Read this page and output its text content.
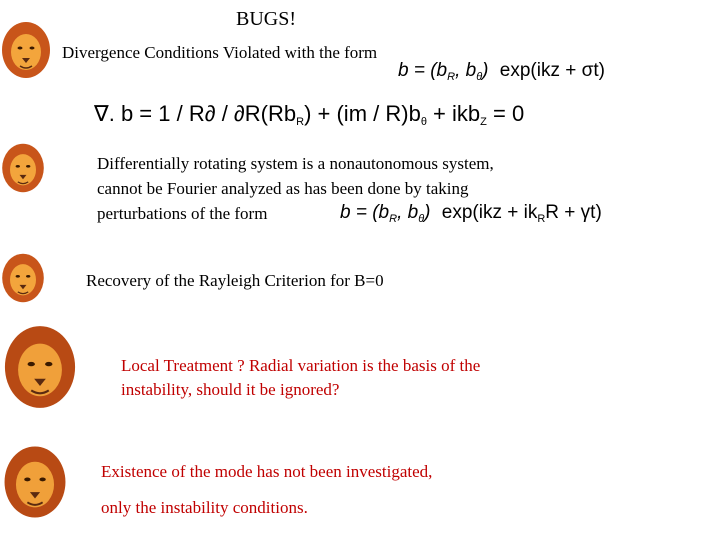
BUGS!
Divergence Conditions Violated with the form
$b = (b_R$, $b_\theta$) exp(ikz + σt)
∇. $b = 1 / R\partial / \partial R(Rb_R) + (im / R)b_\theta + ikb_Z = 0$
Differentially rotating system is a nonautonomous system,
cannot be Fourier analyzed as has been done by taking
perturbations of the form	$b = (b_R$, $b_\theta$) $\exp(ikz + ik_RR + \gamma t)$
Recovery of the Rayleigh Criterion for B=0
Local Treatment ? Radial variation is the basis of the
instability, should it be ignored?
Existence of the mode has not been investigated,
only the instability conditions.
